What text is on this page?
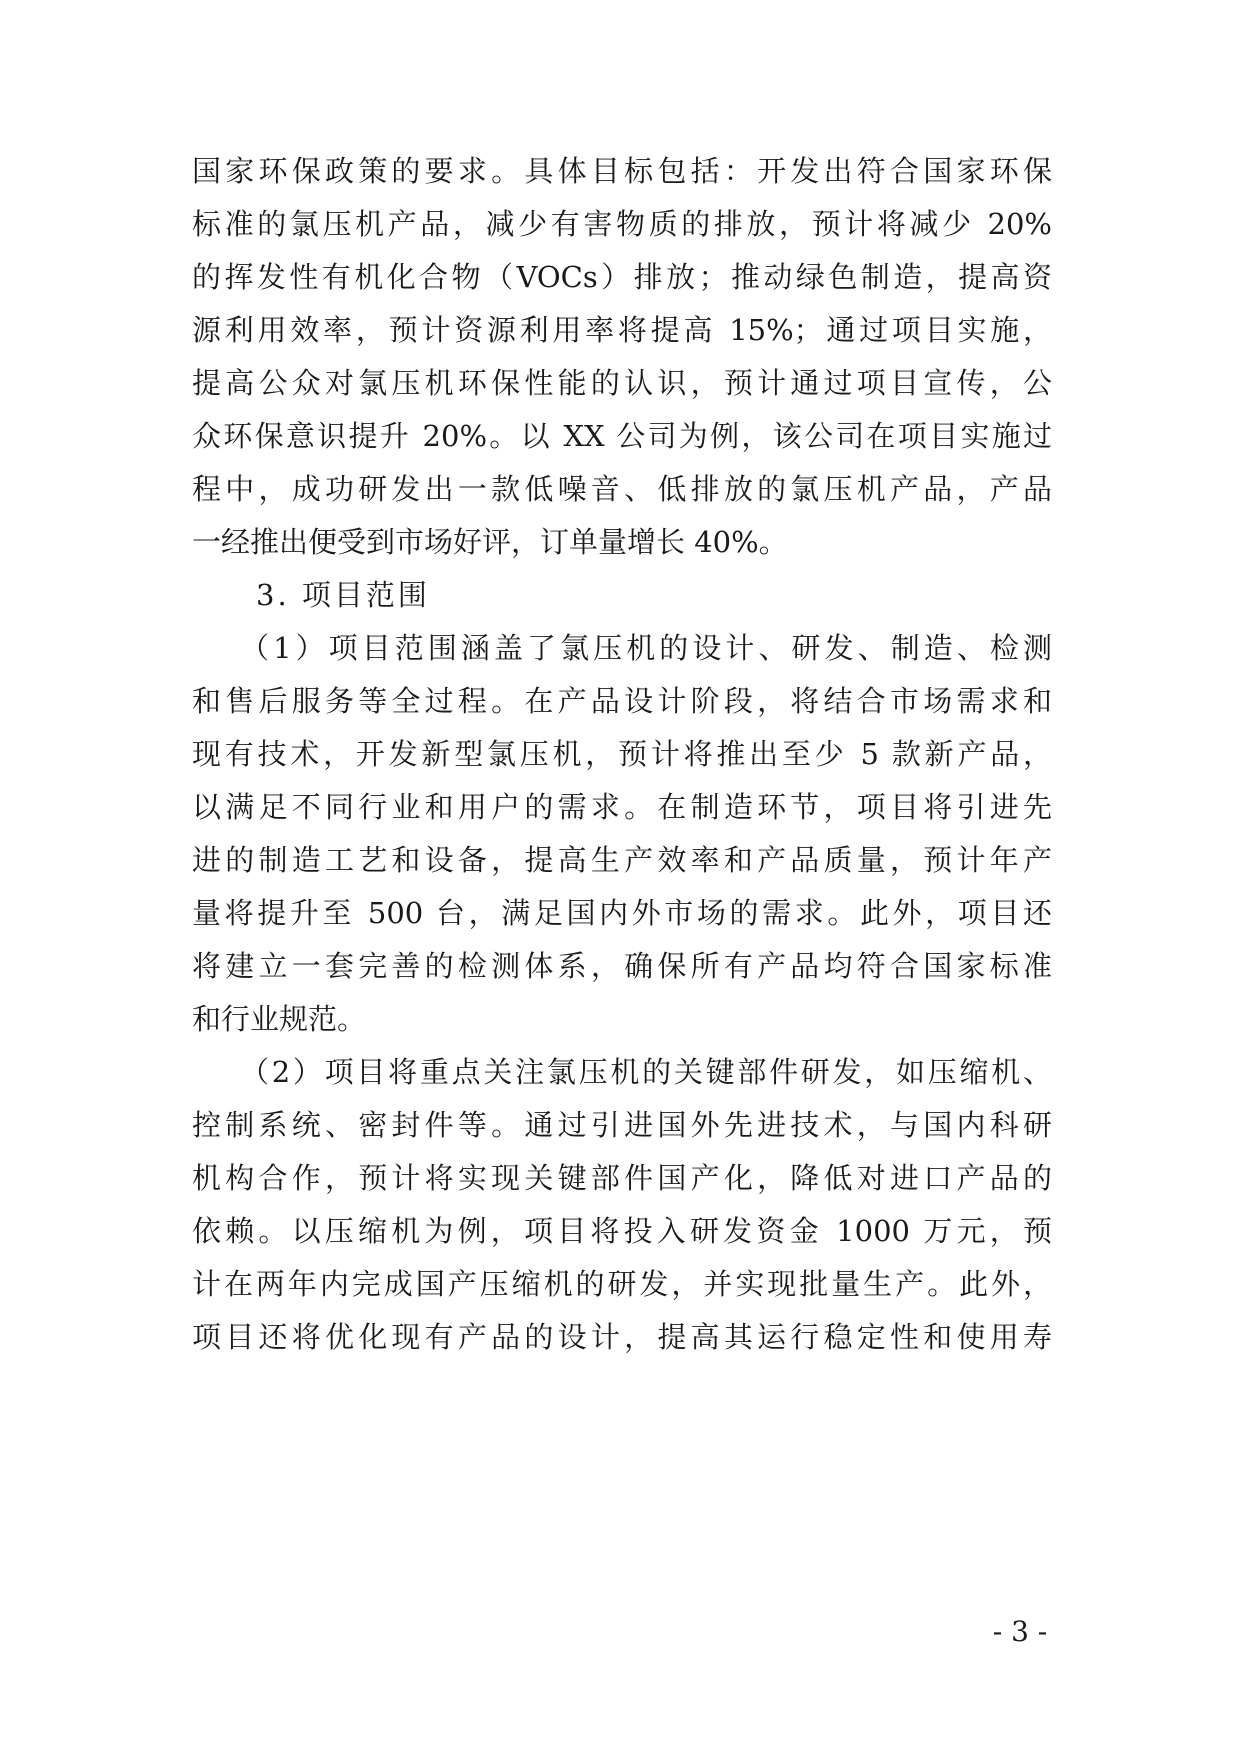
国家环保政策的要求。具体目标包括：开发出符合国家环保
标准的氯压机产品，减少有害物质的排放，预计将减少 20%
的挥发性有机化合物（VOCs）排放；推动绿色制造，提高资
源利用效率，预计资源利用率将提高 15%；通过项目实施，
提高公众对氯压机环保性能的认识，预计通过项目宣传，公
众环保意识提升 20%。以 XX 公司为例，该公司在项目实施过
程中，成功研发出一款低噪音、低排放的氯压机产品，产品
一经推出便受到市场好评，订单量增长 40%。
3. 项目范围
（1）项目范围涵盖了氯压机的设计、研发、制造、检测
和售后服务等全过程。在产品设计阶段，将结合市场需求和
现有技术，开发新型氯压机，预计将推出至少 5 款新产品，
以满足不同行业和用户的需求。在制造环节，项目将引进先
进的制造工艺和设备，提高生产效率和产品质量，预计年产
量将提升至 500 台，满足国内外市场的需求。此外，项目还
将建立一套完善的检测体系，确保所有产品均符合国家标准
和行业规范。
（2）项目将重点关注氯压机的关键部件研发，如压缩机、
控制系统、密封件等。通过引进国外先进技术，与国内科研
机构合作，预计将实现关键部件国产化，降低对进口产品的
依赖。以压缩机为例，项目将投入研发资金 1000 万元，预
计在两年内完成国产压缩机的研发，并实现批量生产。此外，
项目还将优化现有产品的设计，提高其运行稳定性和使用寿
- 3 -
